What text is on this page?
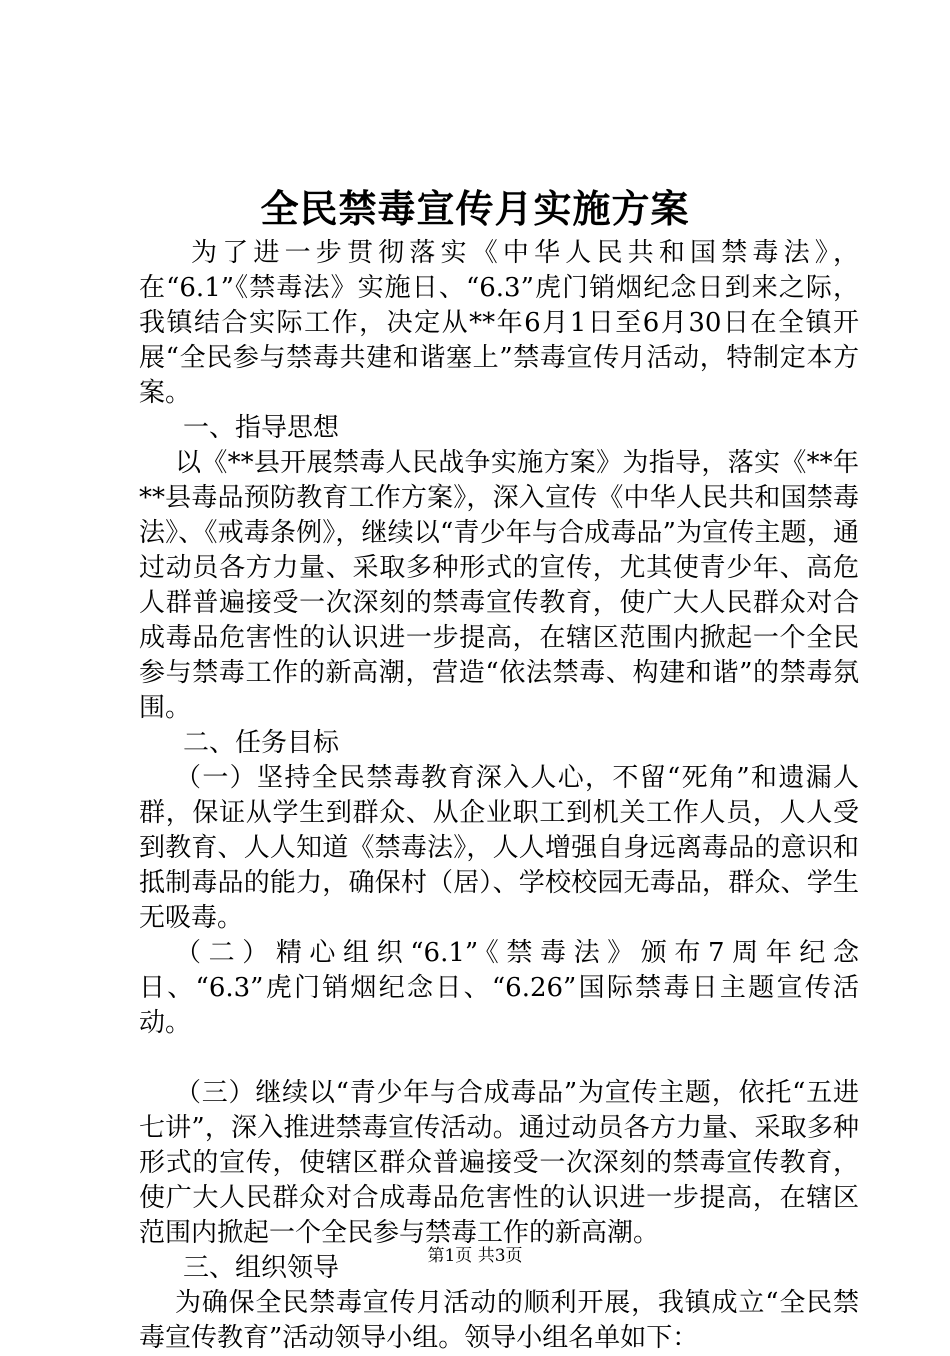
全民禁毒宣传月实施方案

为了进一步贯彻落实《中华人民共和国禁毒法》，在“6.1”《禁毒法》实施日、“6.3”虎门销烟纪念日到来之际，我镇结合实际工作，决定从**年6月1日至6月30日在全镇开展“全民参与禁毒共建和谐塞上”禁毒宣传月活动，特制定本方案。

一、指导思想

以《**县开展禁毒人民战争实施方案》为指导，落实《**年**县毒品预防教育工作方案》，深入宣传《中华人民共和国禁毒法》、《戒毒条例》，继续以“青少年与合成毒品”为宣传主题，通过动员各方力量、采取多种形式的宣传，尤其使青少年、高危人群普遍接受一次深刻的禁毒宣传教育，使广大人民群众对合成毒品危害性的认识进一步提高，在辖区范围内掀起一个全民参与禁毒工作的新高潮，营造“依法禁毒、构建和谐”的禁毒氛围。

二、任务目标

（一）坚持全民禁毒教育深入人心，不留“死角”和遗漏人群，保证从学生到群众、从企业职工到机关工作人员，人人受到教育、人人知道《禁毒法》，人人增强自身远离毒品的意识和抵制毒品的能力，确保村（居）、学校校园无毒品，群众、学生无吸毒。

（二）精心组织“6.1”《禁毒法》颁布7周年纪念日、“6.3”虎门销烟纪念日、“6.26”国际禁毒日主题宣传活动。

（三）继续以“青少年与合成毒品”为宣传主题，依托“五进七讲”，深入推进禁毒宣传活动。通过动员各方力量、采取多种形式的宣传，使辖区群众普遍接受一次深刻的禁毒宣传教育，使广大人民群众对合成毒品危害性的认识进一步提高，在辖区范围内掀起一个全民参与禁毒工作的新高潮。

三、组织领导

为确保全民禁毒宣传月活动的顺利开展，我镇成立“全民禁毒宣传教育”活动领导小组。领导小组名单如下：

第1页 共3页
